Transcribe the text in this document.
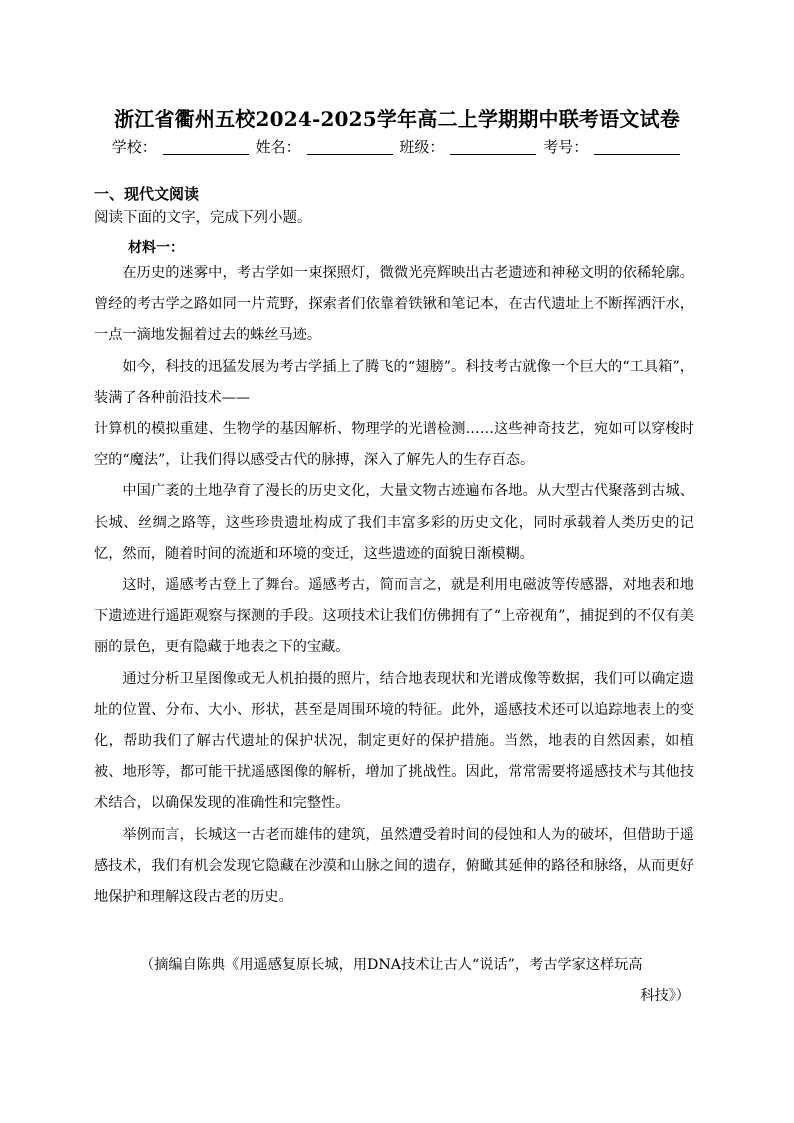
浙江省衢州五校2024-2025学年高二上学期期中联考语文试卷
学校：	姓名：	班级：	考号：
一、现代文阅读
阅读下面的文字，完成下列小题。
材料一：

在历史的迷雾中，考古学如一束探照灯，微微光亮辉映出古老遗迹和神秘文明的依稀轮廓。曾经的考古学之路如同一片荒野，探索者们依靠着铁锹和笔记本，在古代遗址上不断挥洒汗水，一点一滴地发掘着过去的蛛丝马迹。

如今，科技的迅猛发展为考古学插上了腾飞的“翅膀”。科技考古就像一个巨大的“工具箱”，装满了各种前沿技术——

计算机的模拟重建、生物学的基因解析、物理学的光谱检测……这些神奇技艺，宛如可以穿梭时空的“魔法”，让我们得以感受古代的脉搏，深入了解先人的生存百态。

中国广袤的土地孕育了漫长的历史文化，大量文物古迹遍布各地。从大型古代聚落到古城、长城、丝绸之路等，这些珍贵遗址构成了我们丰富多彩的历史文化，同时承载着人类历史的记忆，然而，随着时间的流逝和环境的变迁，这些遗迹的面貌日渐模糊。

这时，遥感考古登上了舞台。遥感考古，简而言之，就是利用电磁波等传感器，对地表和地下遗迹进行遥距观察与探测的手段。这项技术让我们仿佛拥有了“上帝视角”，捕捉到的不仅有美丽的景色，更有隐藏于地表之下的宝藏。

通过分析卫星图像或无人机拍摄的照片，结合地表现状和光谱成像等数据，我们可以确定遗址的位置、分布、大小、形状，甚至是周围环境的特征。此外，遥感技术还可以追踪地表上的变化，帮助我们了解古代遗址的保护状况，制定更好的保护措施。当然，地表的自然因素，如植被、地形等，都可能干扰遥感图像的解析，增加了挑战性。因此，常常需要将遥感技术与其他技术结合，以确保发现的准确性和完整性。

举例而言，长城这一古老而雄伟的建筑，虽然遭受着时间的侵蚀和人为的破坏，但借助于遥感技术，我们有机会发现它隐藏在沙漠和山脉之间的遗存，俯瞰其延伸的路径和脉络，从而更好地保护和理解这段古老的历史。

（摘编自陈典《用遥感复原长城，用DNA技术让古人“说话”，考古学家这样玩高
科技》）
